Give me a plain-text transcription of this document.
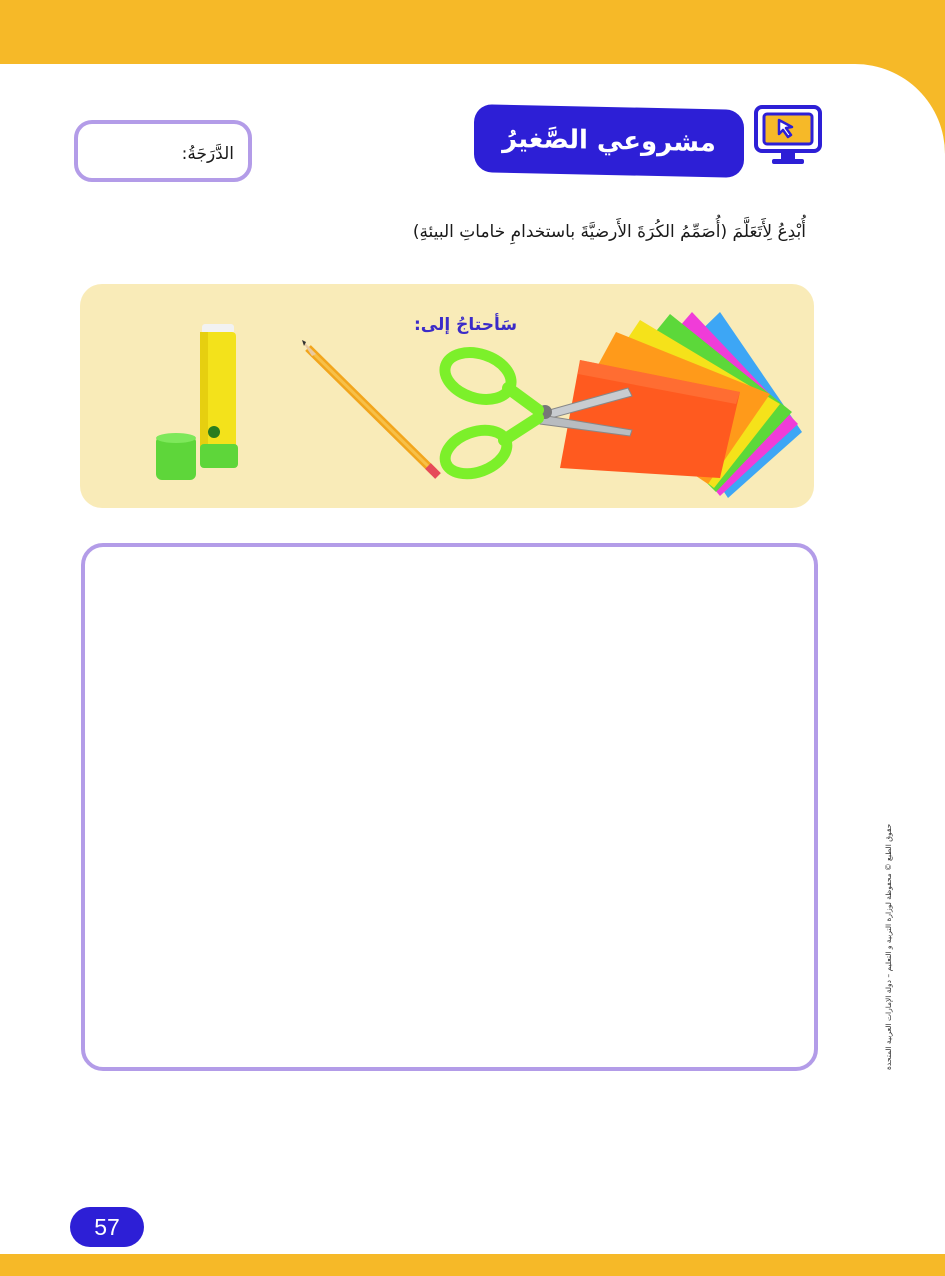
الدَّرَجَةُ:	مشروعي الصَّغيرُ
أُبْدِعُ لِأَتَعَلَّمَ (أُصَمِّمُ الكُرَةَ الأَرضيَّةَ باستخدامِ خاماتِ البيئةِ)
سَأحتاجُ إلى:
حقوق الطبع © محفوظة لوزارة التربية و التعليم – دولة الإمارات العربية المتحدة
57
